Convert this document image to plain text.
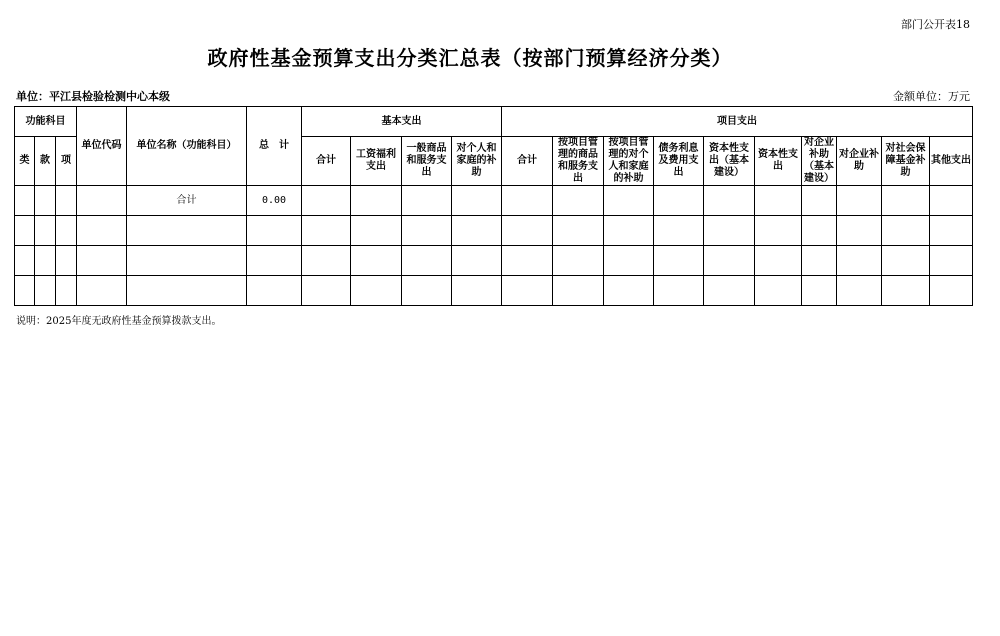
部门公开表18
政府性基金预算支出分类汇总表（按部门预算经济分类）
单位：平江县检验检测中心本级	金额单位：万元
功能科目			单位代码	单位名称（功能科目）	总　计	基本支出				项目支出									
类	款	项				合计	工资福利支出	一般商品和服务支出	对个人和家庭的补助	合计	按项目管理的商品和服务支出	按项目管理的对个人和家庭的补助	债务利息及费用支出	资本性支出（基本建设）	资本性支出	对企业补助（基本建设）	对企业补助	对社会保障基金补助	其他支出
				合计	0.00														

说明：2025年度无政府性基金预算拨款支出。
